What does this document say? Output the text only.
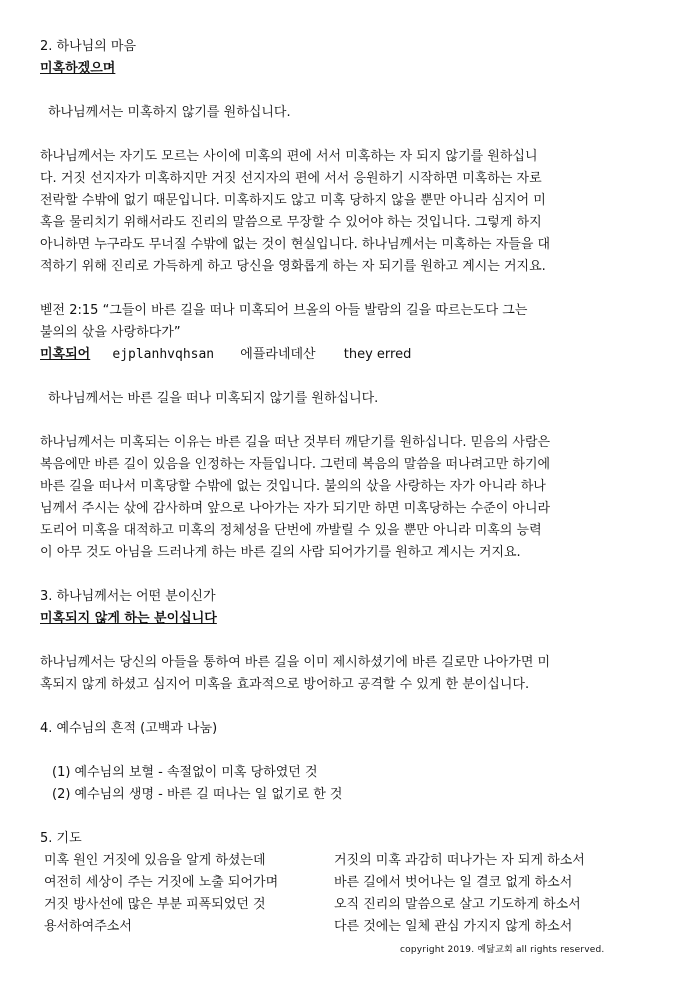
2. 하나님의 마음
미혹하겠으며
하나님께서는 미혹하지 않기를 원하십니다.
하나님께서는 자기도 모르는 사이에 미혹의 편에 서서 미혹하는 자 되지 않기를 원하십니
다. 거짓 선지자가 미혹하지만 거짓 선지자의 편에 서서 응원하기 시작하면 미혹하는 자로
전락할 수밖에 없기 때문입니다. 미혹하지도 않고 미혹 당하지 않을 뿐만 아니라 심지어 미
혹을 물리치기 위해서라도 진리의 말씀으로 무장할 수 있어야 하는 것입니다. 그렇게 하지
아니하면 누구라도 무너질 수밖에 없는 것이 현실입니다. 하나님께서는 미혹하는 자들을 대
적하기 위해 진리로 가득하게 하고 당신을 영화롭게 하는 자 되기를 원하고 계시는 거지요.
벧전 2:15 “그들이 바른 길을 떠나 미혹되어 브올의 아들 발람의 길을 따르는도다 그는
불의의 삯을 사랑하다가”
미혹되어 ejplanhvqhsan 에플라네데산 they erred
하나님께서는 바른 길을 떠나 미혹되지 않기를 원하십니다.
하나님께서는 미혹되는 이유는 바른 길을 떠난 것부터 깨닫기를 원하십니다. 믿음의 사람은
복음에만 바른 길이 있음을 인정하는 자들입니다. 그런데 복음의 말씀을 떠나려고만 하기에
바른 길을 떠나서 미혹당할 수밖에 없는 것입니다. 불의의 삯을 사랑하는 자가 아니라 하나
님께서 주시는 삯에 감사하며 앞으로 나아가는 자가 되기만 하면 미혹당하는 수준이 아니라
도리어 미혹을 대적하고 미혹의 정체성을 단번에 까발릴 수 있을 뿐만 아니라 미혹의 능력
이 아무 것도 아님을 드러나게 하는 바른 길의 사람 되어가기를 원하고 계시는 거지요.
3. 하나님께서는 어떤 분이신가
미혹되지 않게 하는 분이십니다
하나님께서는 당신의 아들을 통하여 바른 길을 이미 제시하셨기에 바른 길로만 나아가면 미
혹되지 않게 하셨고 심지어 미혹을 효과적으로 방어하고 공격할 수 있게 한 분이십니다.
4. 예수님의 흔적 (고백과 나눔)
(1) 예수님의 보혈 - 속절없이 미혹 당하였던 것
(2) 예수님의 생명 - 바른 길 떠나는 일 없기로 한 것
5. 기도
미혹 원인 거짓에 있음을 알게 하셨는데
여전히 세상이 주는 거짓에 노출 되어가며
거짓 방사선에 많은 부분 피폭되었던 것
용서하여주소서
거짓의 미혹 과감히 떠나가는 자 되게 하소서
바른 길에서 벗어나는 일 결코 없게 하소서
오직 진리의 말씀으로 살고 기도하게 하소서
다른 것에는 일체 관심 가지지 않게 하소서
copyright 2019. 예닮교회 all rights reserved.
